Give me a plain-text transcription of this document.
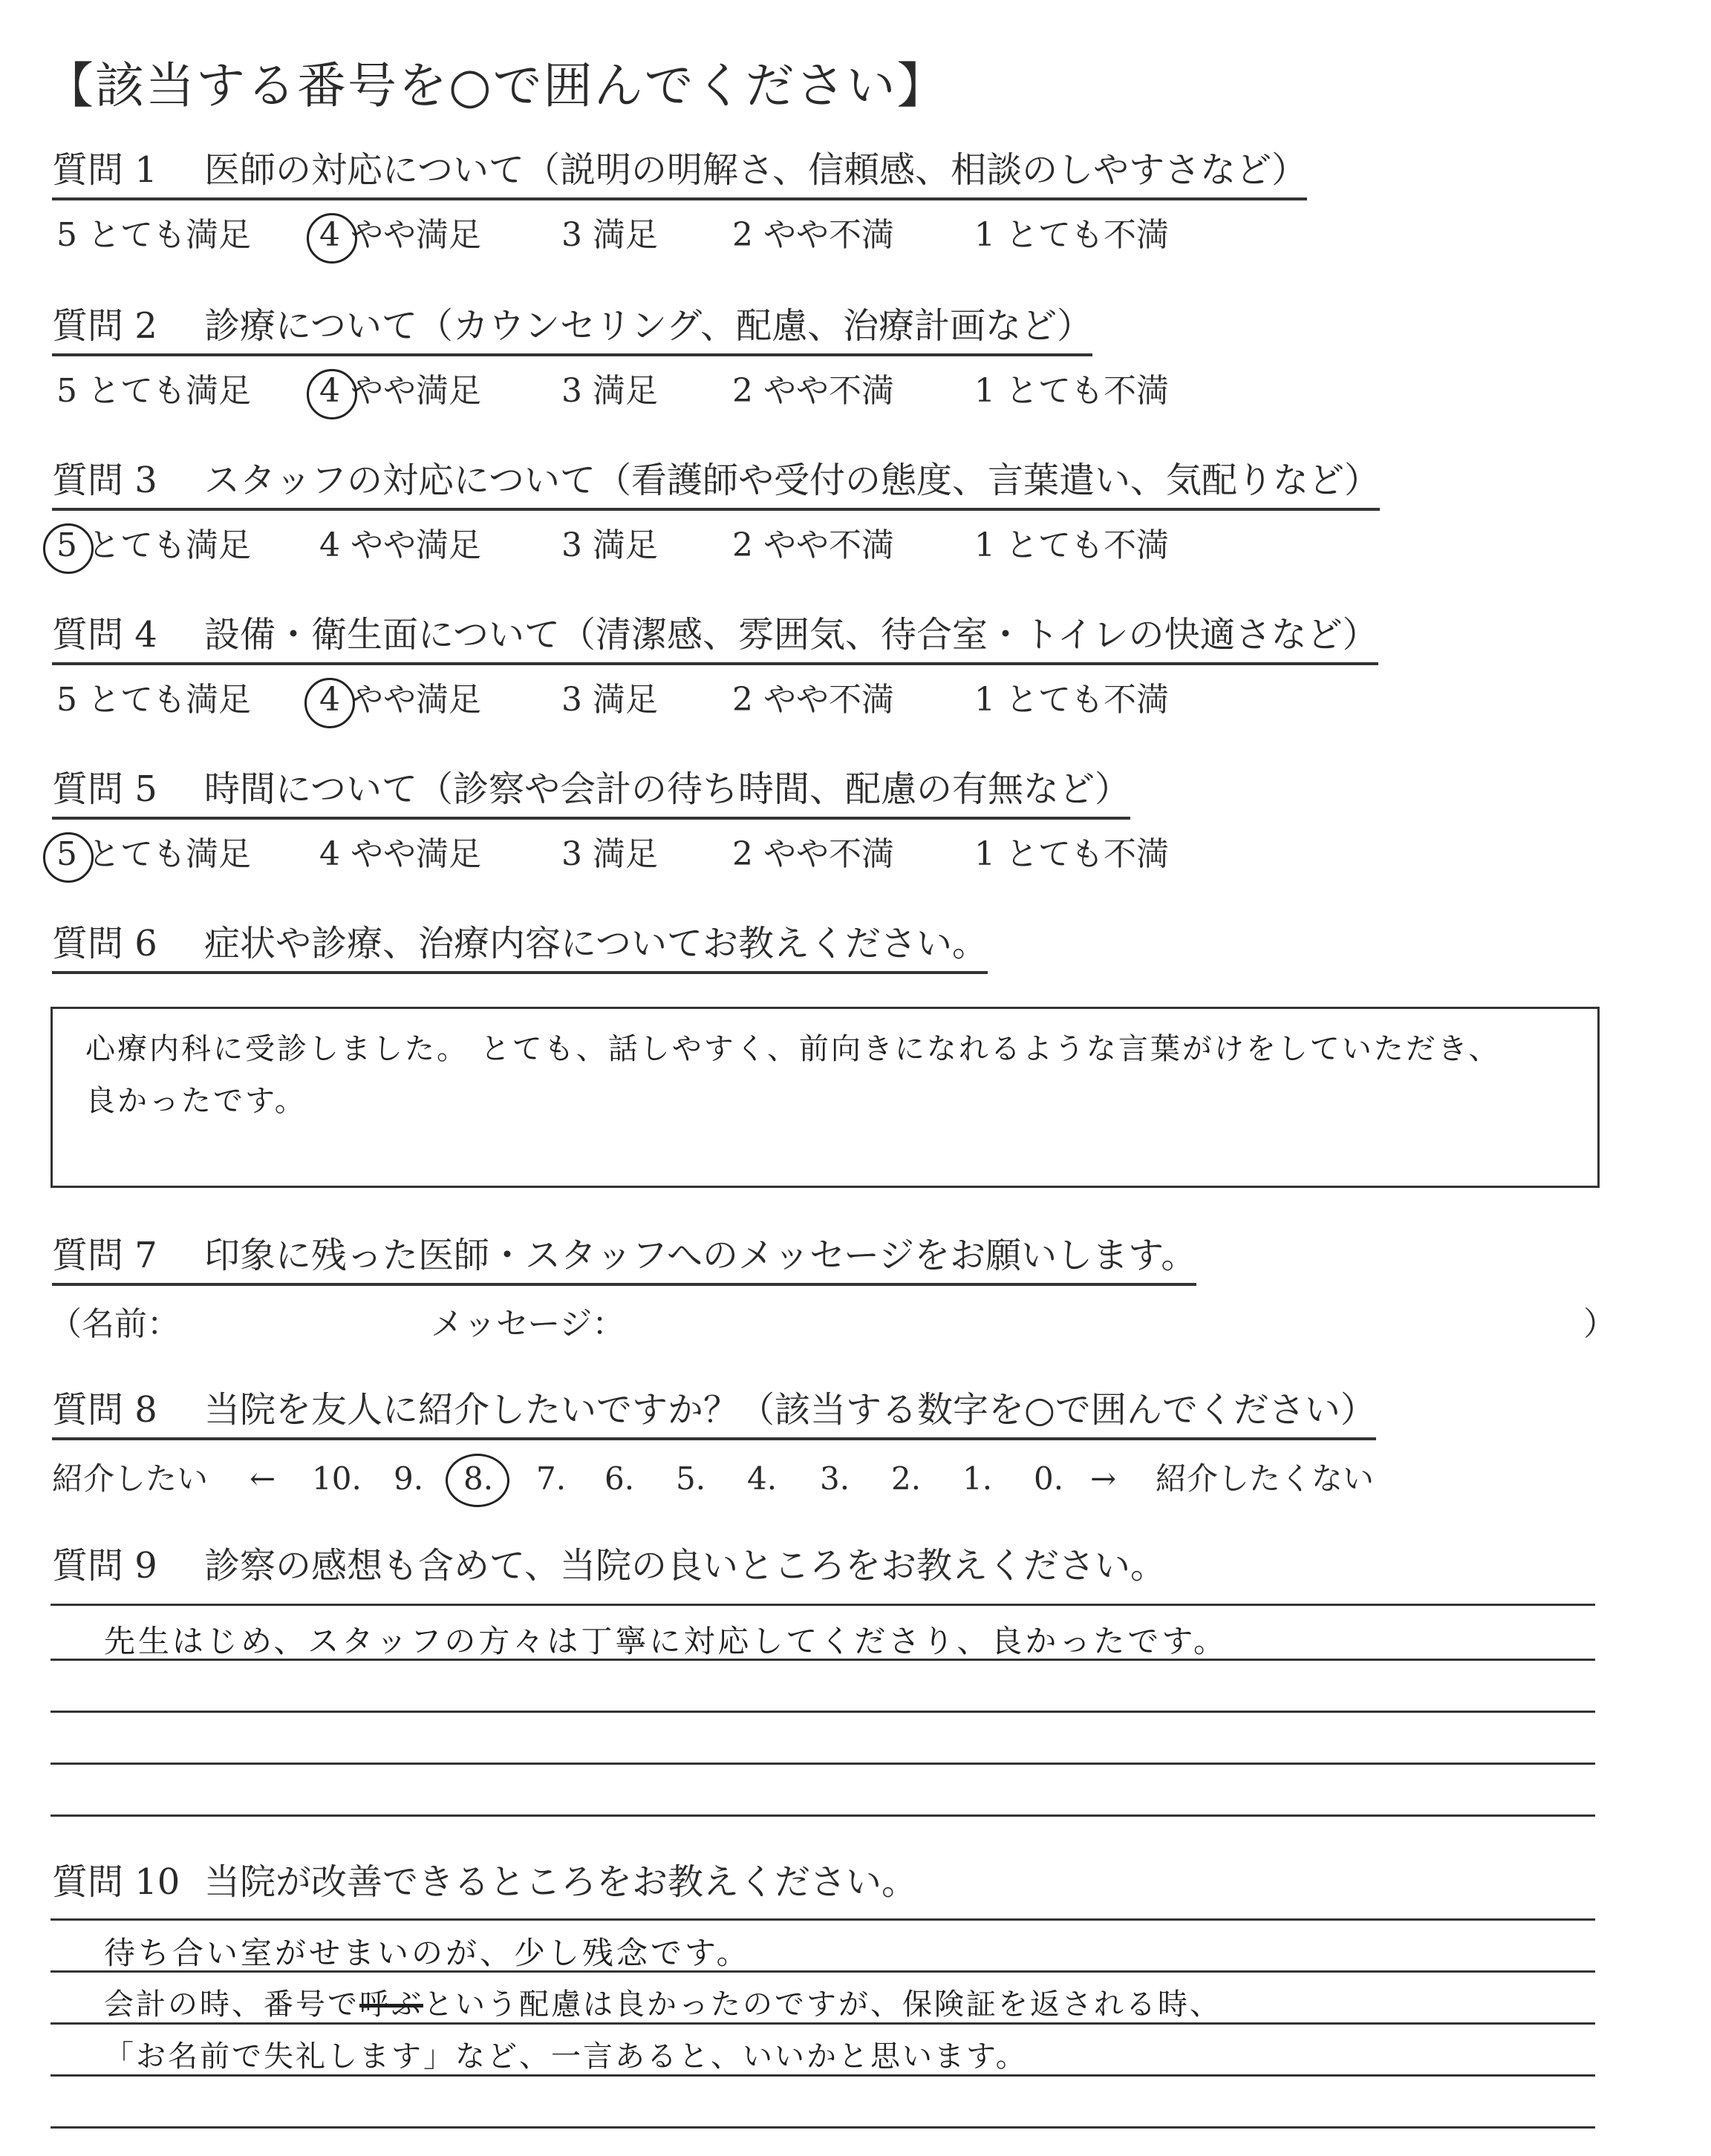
【該当する番号を○で囲んでください】
質問 1 医師の対応について（説明の明解さ、信頼感、相談のしやすさなど）
5 とても満足 4 やや満足 3 満足 2 やや不満 1 とても不満
質問 2 診療について（カウンセリング、配慮、治療計画など）
5 とても満足 4 やや満足 3 満足 2 やや不満 1 とても不満
質問 3 スタッフの対応について（看護師や受付の態度、言葉遣い、気配りなど）
5 とても満足 4 やや満足 3 満足 2 やや不満 1 とても不満
質問 4 設備・衛生面について（清潔感、雰囲気、待合室・トイレの快適さなど）
5 とても満足 4 やや満足 3 満足 2 やや不満 1 とても不満
質問 5 時間について（診察や会計の待ち時間、配慮の有無など）
5 とても満足 4 やや満足 3 満足 2 やや不満 1 とても不満
質問 6 症状や診療、治療内容についてお教えください。
心療内科に受診しました。 とても、話しやすく、前向きになれるような言葉がけをしていただき、
良かったです。
質問 7 印象に残った医師・スタッフへのメッセージをお願いします。
（名前：	メッセージ：	）
質問 8 当院を友人に紹介したいですか？（該当する数字を○で囲んでください）
紹介したい ← 10. 9. 8. 7. 6. 5. 4. 3. 2. 1. 0. → 紹介したくない
質問 9 診察の感想も含めて、当院の良いところをお教えください。
先生はじめ、スタッフの方々は丁寧に対応してくださり、良かったです。
質問 10 当院が改善できるところをお教えください。
待ち合い室がせまいのが、少し残念です。
会計の時、番号で呼ぶという配慮は良かったのですが、保険証を返される時、
「お名前で失礼します」など、一言あると、いいかと思います。
